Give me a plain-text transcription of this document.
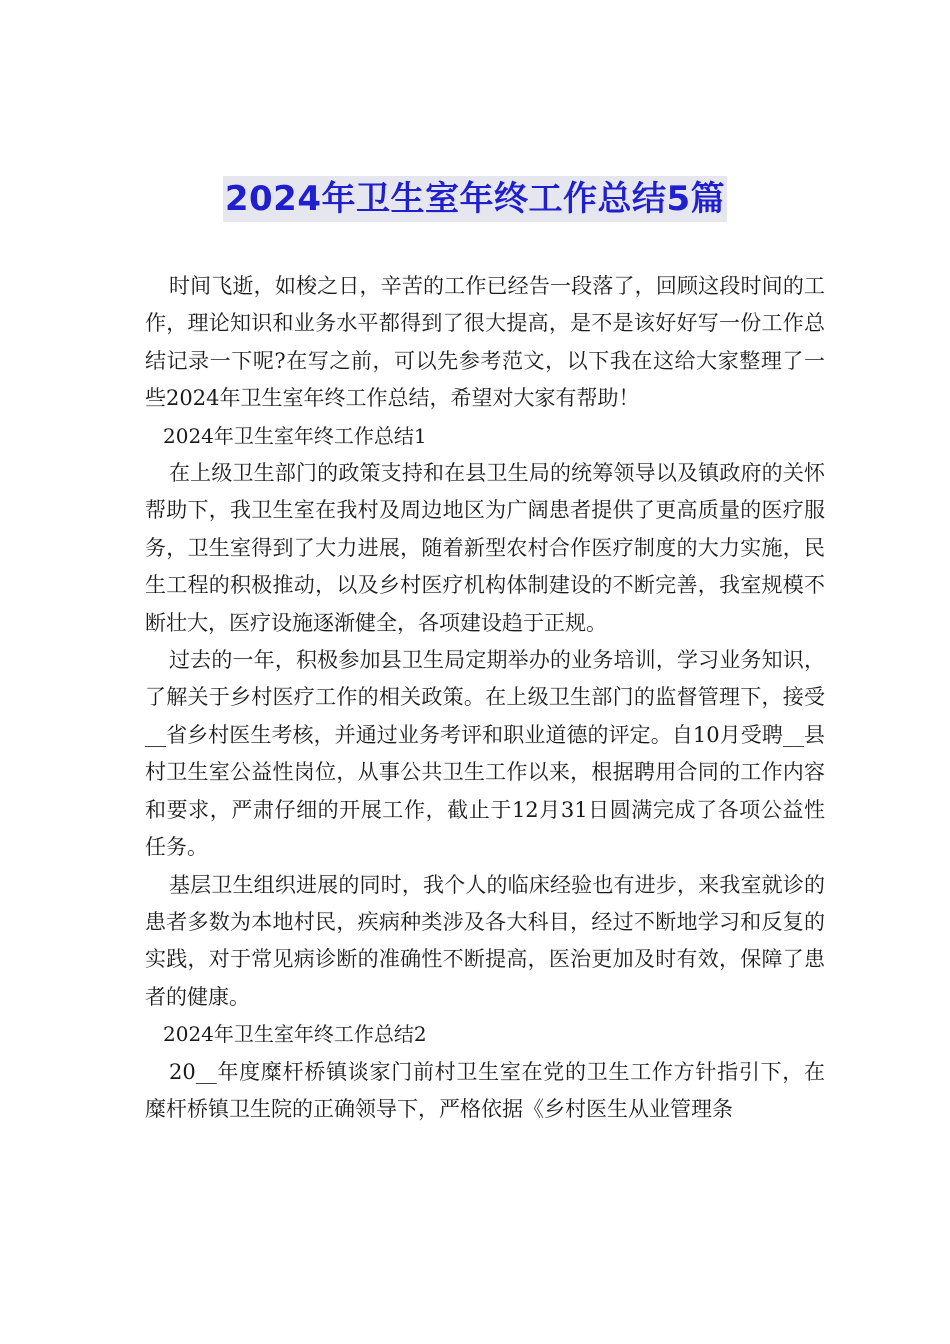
2024年卫生室年终工作总结5篇

时间飞逝，如梭之日，辛苦的工作已经告一段落了，回顾这段时间的工作，理论知识和业务水平都得到了很大提高，是不是该好好写一份工作总结记录一下呢?在写之前，可以先参考范文，以下我在这给大家整理了一些2024年卫生室年终工作总结，希望对大家有帮助！

2024年卫生室年终工作总结1

在上级卫生部门的政策支持和在县卫生局的统筹领导以及镇政府的关怀帮助下，我卫生室在我村及周边地区为广阔患者提供了更高质量的医疗服务，卫生室得到了大力进展，随着新型农村合作医疗制度的大力实施，民生工程的积极推动，以及乡村医疗机构体制建设的不断完善，我室规模不断壮大，医疗设施逐渐健全，各项建设趋于正规。

过去的一年，积极参加县卫生局定期举办的业务培训，学习业务知识，了解关于乡村医疗工作的相关政策。在上级卫生部门的监督管理下，接受__省乡村医生考核，并通过业务考评和职业道德的评定。自10月受聘__县村卫生室公益性岗位，从事公共卫生工作以来，根据聘用合同的工作内容和要求，严肃仔细的开展工作，截止于12月31日圆满完成了各项公益性任务。

基层卫生组织进展的同时，我个人的临床经验也有进步，来我室就诊的患者多数为本地村民，疾病种类涉及各大科目，经过不断地学习和反复的实践，对于常见病诊断的准确性不断提高，医治更加及时有效，保障了患者的健康。

2024年卫生室年终工作总结2

20__年度糜杆桥镇谈家门前村卫生室在党的卫生工作方针指引下，在糜杆桥镇卫生院的正确领导下，严格依据《乡村医生从业管理条
